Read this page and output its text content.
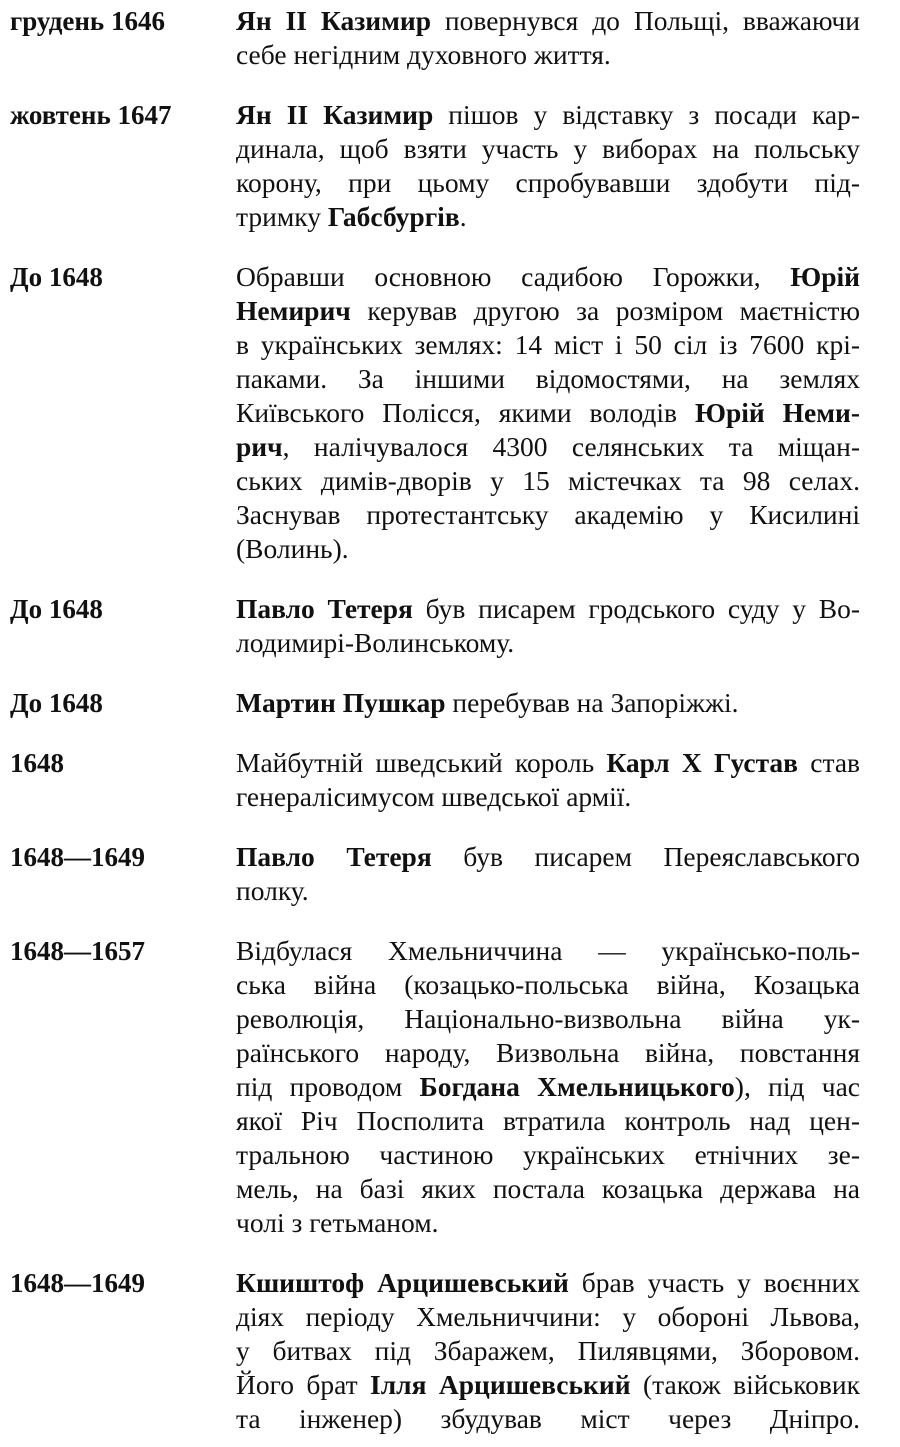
грудень 1646	Ян II Казимир повернувся до Польщі, вважаючи
себе негідним духовного життя.
жовтень 1647	Ян II Казимир пішов у відставку з посади кар-
динала, щоб взяти участь у виборах на польську
корону, при цьому спробувавши здобути під-
тримку Габсбургів.
До 1648	Обравши основною садибою Горожки, Юрій
Немирич керував другою за розміром маєтністю
в українських землях: 14 міст і 50 сіл із 7600 крі-
паками. За іншими відомостями, на землях
Київського Полісся, якими володів Юрій Неми-
рич, налічувалося 4300 селянських та міщан-
ських димів-дворів у 15 містечках та 98 селах.
Заснував протестантську академію у Кисилині
(Волинь).
До 1648	Павло Тетеря був писарем гродського суду у Во-
лодимирі-Волинському.
До 1648	Мартин Пушкар перебував на Запоріжжі.
1648	Майбутній шведський король Карл X Густав став
генералісимусом шведської армії.
1648—1649	Павло Тетеря був писарем Переяславського
полку.
1648—1657	Відбулася Хмельниччина — українсько-поль-
ська війна (козацько-польська війна, Козацька
революція, Національно-визвольна війна ук-
раїнського народу, Визвольна війна, повстання
під проводом Богдана Хмельницького), під час
якої Річ Посполита втратила контроль над цен-
тральною частиною українських етнічних зе-
мель, на базі яких постала козацька держава на
чолі з гетьманом.
1648—1649	Кшиштоф Арцишевський брав участь у воєнних
діях періоду Хмельниччини: у обороні Львова,
у битвах під Збаражем, Пилявцями, Зборовом.
Його брат Ілля Арцишевський (також військовик
та інженер) збудував міст через Дніпро.
